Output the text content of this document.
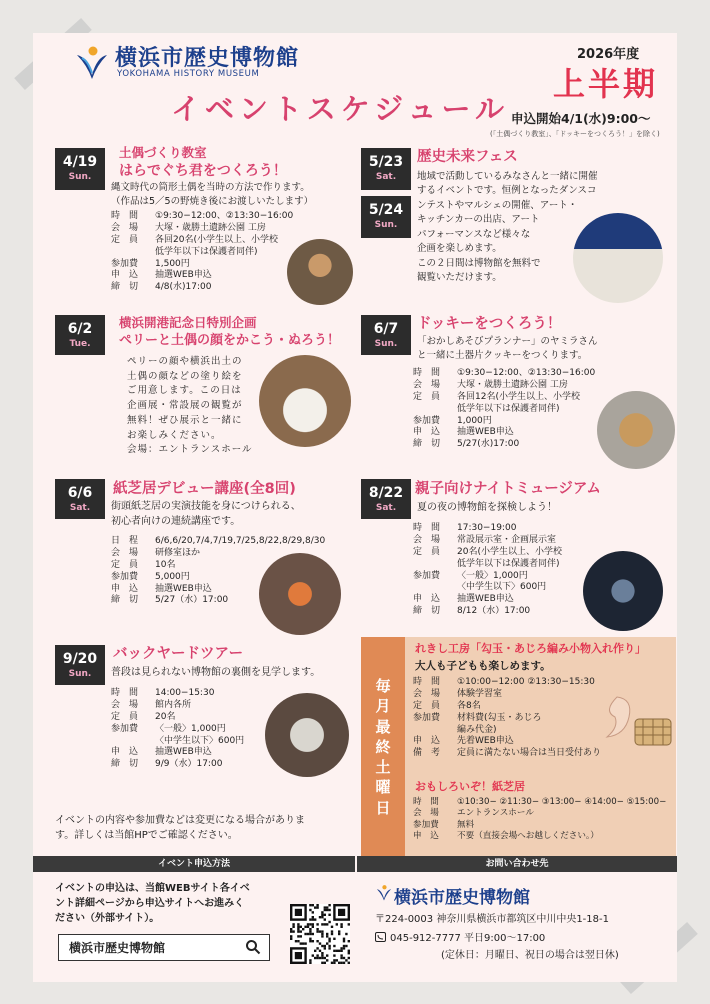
横浜市歴史博物館
YOKOHAMA HISTORY MUSEUM
イベントスケジュール
2026年度
上半期
申込開始4/1(水)9:00〜
(「土偶づくり教室」、「ドッキーをつくろう！」を除く)
4/19
Sun.
土偶づくり教室
はらでぐち君をつくろう！
縄文時代の筒形土偶を当時の方法で作ります。
（作品は5／5の野焼き後にお渡しいたします）
時　間	①9:30−12:00、②13:30−16:00
会　場	大塚・歳勝土遺跡公園 工房
定　員	各回20名(小学生以上、小学校
低学年以下は保護者同伴)
参加費	1,500円
申　込	抽選WEB申込
締　切	4/8(水)17:00
5/23
Sat.
5/24
Sun.
歴史未来フェス
地域で活動しているみなさんと一緒に開催
するイベントです。恒例となったダンスコ
ンテストやマルシェの開催、アート・
キッチンカーの出店、アート
パフォーマンスなど様々な
企画を楽しめます。
この２日間は博物館を無料で
観覧いただけます。
6/2
Tue.
横浜開港記念日特別企画
ペリーと土偶の顔をかこう・ぬろう！
ペリーの顔や横浜出土の
土偶の顔などの塗り絵を
ご用意します。この日は
企画展・常設展の観覧が
無料！ぜひ展示と一緒に
お楽しみください。
会場：エントランスホール
6/7
Sun.
ドッキーをつくろう！
「おかしあそびプランナー」のヤミラさん
と一緒に土器片クッキーをつくります。
時　間	①9:30−12:00、②13:30−16:00
会　場	大塚・歳勝土遺跡公園 工房
定　員	各回12名(小学生以上、小学校
低学年以下は保護者同伴)
参加費	1,000円
申　込	抽選WEB申込
締　切	5/27(水)17:00
6/6
Sat.
紙芝居デビュー講座(全8回)
街頭紙芝居の実演技能を身につけられる、
初心者向けの連続講座です。
日　程	6/6,6/20,7/4,7/19,7/25,8/22,8/29,8/30
会　場	研修室ほか
定　員	10名
参加費	5,000円
申　込	抽選WEB申込
締　切	5/27（水）17:00
8/22
Sat.
親子向けナイトミュージアム
夏の夜の博物館を探検しよう！
時　間	17:30−19:00
会　場	常設展示室・企画展示室
定　員	20名(小学生以上、小学校
低学年以下は保護者同伴)
参加費	〈一般〉1,000円
〈中学生以下〉600円
申　込	抽選WEB申込
締　切	8/12（水）17:00
9/20
Sun.
バックヤードツアー
普段は見られない博物館の裏側を見学します。
時　間	14:00−15:30
会　場	館内各所
定　員	20名
参加費	〈一般〉1,000円
〈中学生以下〉600円
申　込	抽選WEB申込
締　切	9/9（水）17:00
毎
月
最
終
土
曜
日
れきし工房「勾玉・あじろ編み小物入れ作り」
大人も子どもも楽しめます。
時　間	①10:00−12:00 ②13:30−15:30
会　場	体験学習室
定　員	各8名
参加費	材料費(勾玉・あじろ
編み代金)
申　込	先着WEB申込
備　考	定員に満たない場合は当日受付あり
おもしろいぞ！紙芝居
時　間	①10:30− ②11:30− ③13:00− ④14:00− ⑤15:00−
会　場	エントランスホール
参加費	無料
申　込	不要（直接会場へお越しください。）
イベントの内容や参加費などは変更になる場合がありま
す。詳しくは当館HPでご確認ください。
イベント申込方法	お問い合わせ先
イベントの申込は、当館WEBサイト各イベ
ント詳細ページから申込サイトへお進みく
ださい（外部サイト）。
横浜市歴史博物館
横浜市歴史博物館
〒224-0003 神奈川県横浜市都筑区中川中央1-18-1
045-912-7777 平日9:00〜17:00
(定休日：月曜日、祝日の場合は翌日休)
